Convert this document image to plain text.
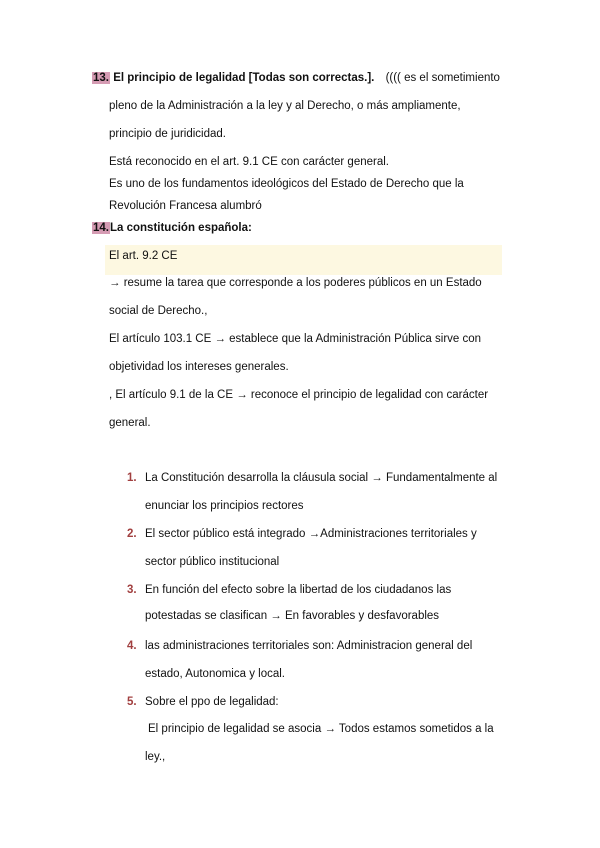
13. El principio de legalidad [Todas son correctas.]. (((( es el sometimiento
pleno de la Administración a la ley y al Derecho, o más ampliamente,
principio de juridicidad.
Está reconocido en el art. 9.1 CE con carácter general.
Es uno de los fundamentos ideológicos del Estado de Derecho que la
Revolución Francesa alumbró
14.La constitución española:
El art. 9.2 CE
→ resume la tarea que corresponde a los poderes públicos en un Estado
social de Derecho.,
El artículo 103.1 CE → establece que la Administración Pública sirve con
objetividad los intereses generales.
, El artículo 9.1 de la CE → reconoce el principio de legalidad con carácter
general.
1. La Constitución desarrolla la cláusula social → Fundamentalmente al
enunciar los principios rectores
2. El sector público está integrado →Administraciones territoriales y
sector público institucional
3. En función del efecto sobre la libertad de los ciudadanos las
potestadas se clasifican → En favorables y desfavorables
4. las administraciones territoriales son: Administracion general del
estado, Autonomica y local.
5. Sobre el ppo de legalidad:
El principio de legalidad se asocia → Todos estamos sometidos a la
ley.,
